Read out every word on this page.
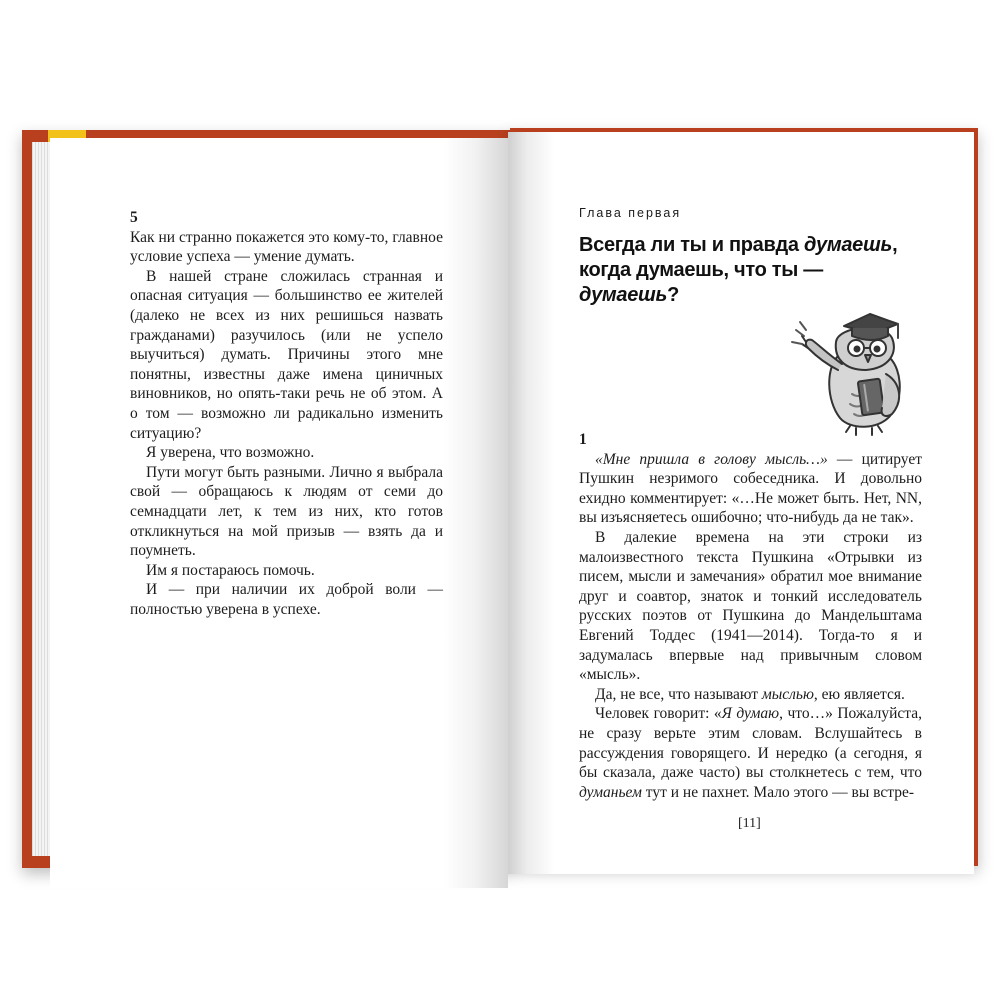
5

Как ни странно покажется это кому-то, главное условие успеха — умение думать.

В нашей стране сложилась странная и опасная ситуация — большинство ее жителей (далеко не всех из них решишься назвать гражданами) разучилось (или не успело выучиться) думать. Причины этого мне понятны, известны даже имена циничных виновников, но опять-таки речь не об этом. А о том — возможно ли радикально изменить ситуацию?

Я уверена, что возможно.

Пути могут быть разными. Лично я выбрала свой — обращаюсь к людям от семи до семнадцати лет, к тем из них, кто готов откликнуться на мой призыв — взять да и поумнеть.

Им я постараюсь помочь.

И — при наличии их доброй воли — полностью уверена в успехе.

Глава первая
Всегда ли ты и правда думаешь, когда думаешь, что ты — думаешь?

1

«Мне пришла в голову мысль…» — цитирует Пушкин незримого собеседника. И довольно ехидно комментирует: «…Не может быть. Нет, NN, вы изъясняетесь ошибочно; что-нибудь да не так».

В далекие времена на эти строки из малоизвестного текста Пушкина «Отрывки из писем, мысли и замечания» обратил мое внимание друг и соавтор, знаток и тонкий исследователь русских поэтов от Пушкина до Мандельштама Евгений Тоддес (1941—2014). Тогда-то я и задумалась впервые над привычным словом «мысль».

Да, не все, что называют мыслью, ею является.

Человек говорит: «Я думаю, что…» Пожалуйста, не сразу верьте этим словам. Вслушайтесь в рассуждения говорящего. И нередко (а сегодня, я бы сказала, даже часто) вы столкнетесь с тем, что думаньем тут и не пахнет. Мало этого — вы встре-

[11]
